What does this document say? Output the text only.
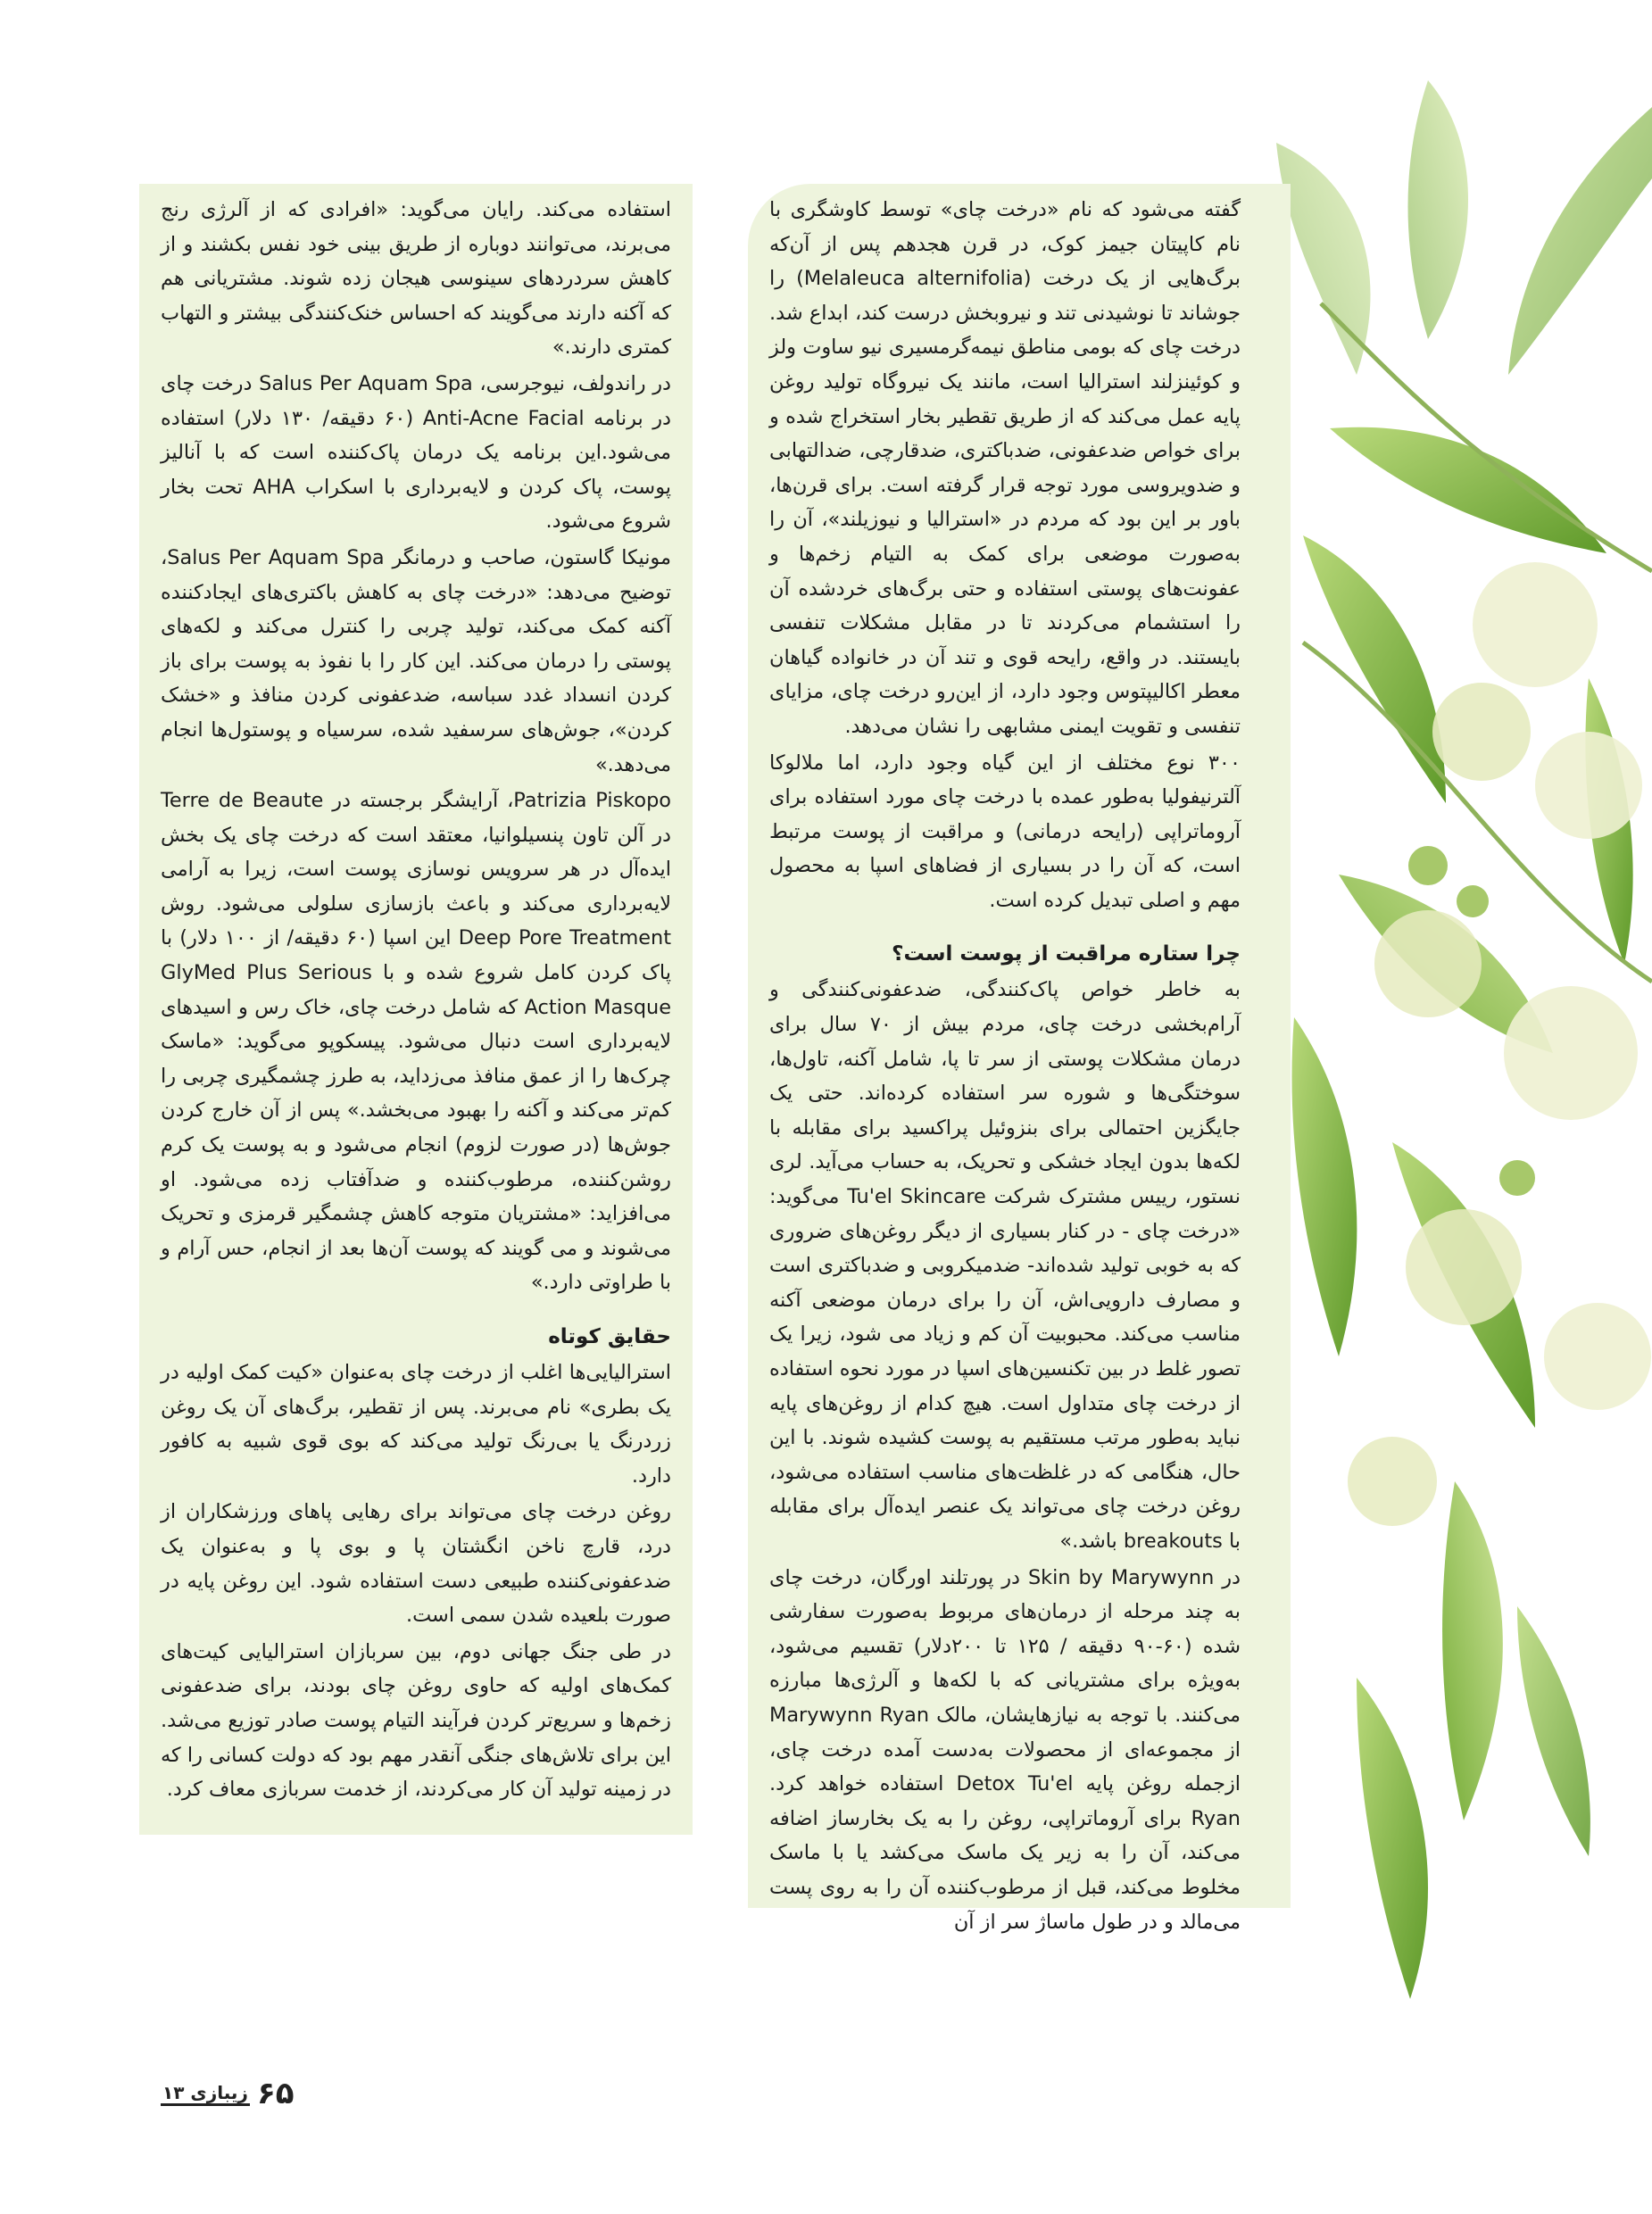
گفته می‌شود که نام «درخت چای» توسط کاوشگری با نام کاپیتان جیمز کوک، در قرن هجدهم پس از آن‌که برگ‌هایی از یک درخت (Melaleuca alternifolia) را جوشاند تا نوشیدنی تند و نیروبخش درست کند، ابداع شد. درخت چای که بومی مناطق نیمه‌گرمسیری نیو ساوت ولز و کوئینزلند استرالیا است، مانند یک نیروگاه تولید روغن پایه عمل می‌کند که از طریق تقطیر بخار استخراج شده و برای خواص ضدعفونی، ضدباکتری، ضدقارچی، ضدالتهابی و ضدویروسی مورد توجه قرار گرفته است. برای قرن‌ها، باور بر این بود که مردم در «استرالیا و نیوزیلند»، آن را به‌صورت موضعی برای کمک به التیام زخم‌ها و عفونت‌های پوستی استفاده و حتی برگ‌های خردشده آن را استشمام می‌کردند تا در مقابل مشکلات تنفسی بایستند. در واقع، رایحه قوی و تند آن در خانواده گیاهان معطر اکالیپتوس وجود دارد، از این‌رو درخت چای، مزایای تنفسی و تقویت ایمنی مشابهی را نشان می‌دهد.

۳۰۰ نوع مختلف از این گیاه وجود دارد، اما ملالوکا آلترنیفولیا به‌طور عمده با درخت چای مورد استفاده برای آروماتراپی (رایحه درمانی) و مراقبت از پوست مرتبط است، که آن را در بسیاری از فضاهای اسپا به محصول مهم و اصلی تبدیل کرده است.

چرا ستاره مراقبت از پوست است؟

به خاطر خواص پاک‌کنندگی، ضدعفونی‌کنندگی و آرام‌بخشی درخت چای، مردم بیش از ۷۰ سال برای درمان مشکلات پوستی از سر تا پا، شامل آکنه، تاول‌ها، سوختگی‌ها و شوره سر استفاده کرده‌اند. حتی یک جایگزین احتمالی برای بنزوئیل پراکسید برای مقابله با لکه‌ها بدون ایجاد خشکی و تحریک، به حساب می‌آید. لری نستور، رییس مشترک شرکت Tu'el Skincare می‌گوید: «درخت چای - در کنار بسیاری از دیگر روغن‌های ضروری که به خوبی تولید شده‌اند- ضدمیکروبی و ضدباکتری است و مصارف دارویی‌اش، آن را برای درمان موضعی آکنه مناسب می‌کند. محبوبیت آن کم و زیاد می شود، زیرا یک تصور غلط در بین تکنسین‌های اسپا در مورد نحوه استفاده از درخت چای متداول است. هیچ کدام از روغن‌های پایه نباید به‌طور مرتب مستقیم به پوست کشیده شوند. با این حال، هنگامی که در غلظت‌های مناسب استفاده می‌شود، روغن درخت چای می‌تواند یک عنصر ایده‌آل برای مقابله با breakouts باشد.»

در Skin by Marywynn در پورتلند اورگان، درخت چای به چند مرحله از درمان‌های مربوط به‌صورت سفارشی شده (۶۰-۹۰ دقیقه / ۱۲۵ تا ۲۰۰دلار) تقسیم می‌شود، به‌ویژه برای مشتریانی که با لکه‌ها و آلرژی‌ها مبارزه می‌کنند. با توجه به نیازهایشان، مالک Marywynn Ryan از مجموعه‌ای از محصولات به‌دست آمده درخت چای، ازجمله روغن پایه Detox Tu'el استفاده خواهد کرد. Ryan برای آروماتراپی، روغن را به یک بخارساز اضافه می‌کند، آن را به زیر یک ماسک می‌کشد یا با ماسک مخلوط می‌کند، قبل از مرطوب‌کننده آن را به روی پست می‌مالد و در طول ماساژ سر از آن

استفاده می‌کند. رایان می‌گوید: «افرادی که از آلرژی رنج می‌برند، می‌توانند دوباره از طریق بینی خود نفس بکشند و از کاهش سردردهای سینوسی هیجان زده شوند. مشتریانی هم که آکنه دارند می‌گویند که احساس خنک‌کنندگی بیشتر و التهاب کمتری دارند.»

در راندولف، نیوجرسی، Salus Per Aquam Spa درخت چای در برنامه Anti-Acne Facial (۶۰ دقیقه/ ۱۳۰ دلار) استفاده می‌شود.این برنامه یک درمان پاک‌کننده است که با آنالیز پوست، پاک کردن و لایه‌برداری با اسکراب AHA تحت بخار شروع می‌شود.

مونیکا گاستون، صاحب و درمانگر Salus Per Aquam Spa، توضیح می‌دهد: «درخت چای به کاهش باکتری‌های ایجادکننده آکنه کمک می‌کند، تولید چربی را کنترل می‌کند و لکه‌های پوستی را درمان می‌کند. این کار را با نفوذ به پوست برای باز کردن انسداد غدد سباسه، ضدعفونی کردن منافذ و «خشک کردن»، جوش‌های سرسفید شده، سرسیاه و پوستول‌ها انجام می‌دهد.»

Patrizia Piskopo، آرایشگر برجسته در Terre de Beaute در آلن تاون پنسیلوانیا، معتقد است که درخت چای یک بخش ایده‌آل در هر سرویس نوسازی پوست است، زیرا به آرامی لایه‌برداری می‌کند و باعث بازسازی سلولی می‌شود. روش Deep Pore Treatment این اسپا (۶۰ دقیقه/ از ۱۰۰ دلار) با پاک کردن کامل شروع شده و با GlyMed Plus Serious Action Masque که شامل درخت چای، خاک رس و اسیدهای لایه‌برداری است دنبال می‌شود. پیسکوپو می‌گوید: «ماسک چرک‌ها را از عمق منافذ می‌زداید، به طرز چشمگیری چربی را کم‌تر می‌کند و آکنه را بهبود می‌بخشد.» پس از آن خارج کردن جوش‌ها (در صورت لزوم) انجام می‌شود و به پوست یک کرم روشن‌کننده، مرطوب‌کننده و ضدآفتاب زده می‌شود. او می‌افزاید: «مشتریان متوجه کاهش چشمگیر قرمزی و تحریک می‌شوند و می گویند که پوست آن‌ها بعد از انجام، حس آرام و با طراوتی دارد.»

حقایق کوتاه

استرالیایی‌ها اغلب از درخت چای به‌عنوان «کیت کمک اولیه در یک بطری» نام می‌برند. پس از تقطیر، برگ‌های آن یک روغن زردرنگ یا بی‌رنگ تولید می‌کند که بوی قوی شبیه به کافور دارد.

روغن درخت چای می‌تواند برای رهایی پاهای ورزشکاران از درد، قارچ ناخن انگشتان پا و بوی پا و به‌عنوان یک ضدعفونی‌کننده طبیعی دست استفاده شود. این روغن پایه در صورت بلعیده شدن سمی است.

در طی جنگ جهانی دوم، بین سربازان استرالیایی کیت‌های کمک‌های اولیه که حاوی روغن چای بودند، برای ضدعفونی زخم‌ها و سریع‌تر کردن فرآیند التیام پوست صادر توزیع می‌شد. این برای تلاش‌های جنگی آنقدر مهم بود که دولت کسانی را که در زمینه تولید آن کار می‌کردند، از خدمت سربازی معاف کرد.

۶۵
زیبازی ۱۳
